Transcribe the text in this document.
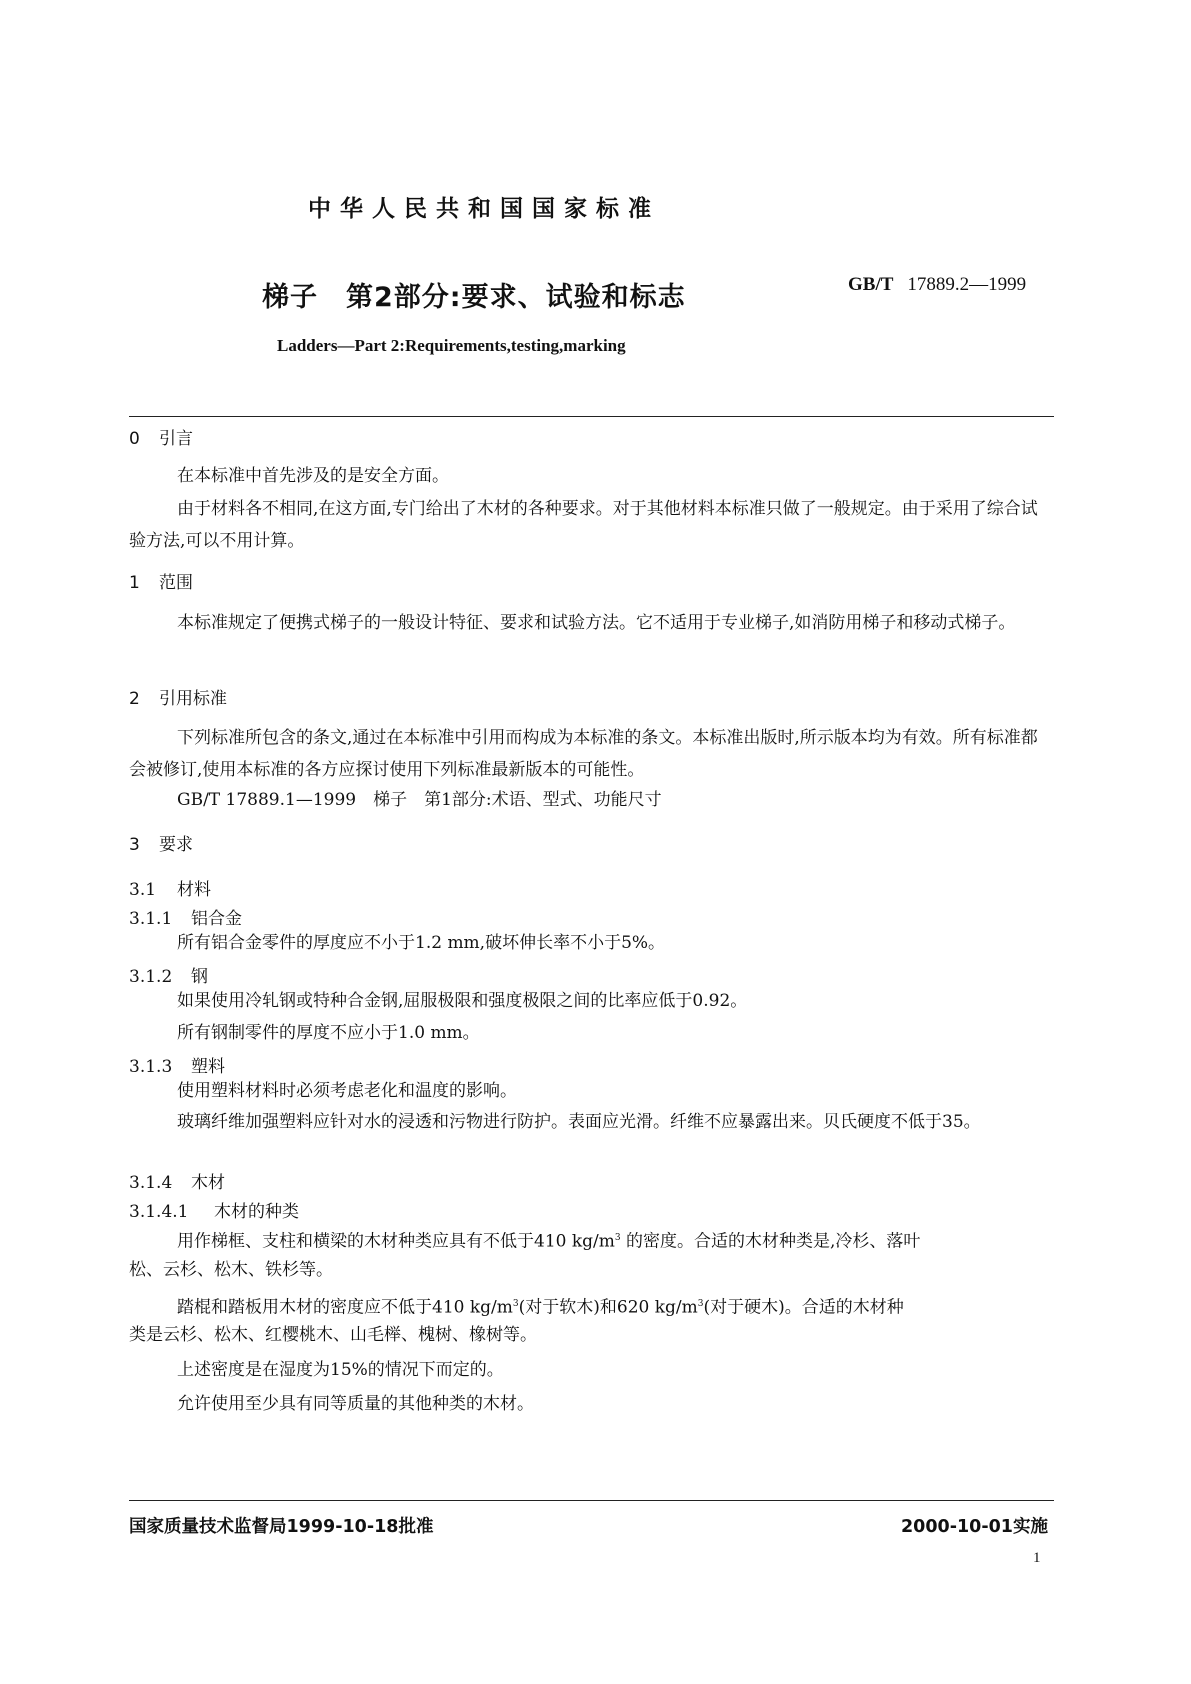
中华人民共和国国家标准
梯子　第2部分:要求、试验和标志	GB/T 17889.2—1999
Ladders—Part 2:Requirements,testing,marking
0 引言
在本标准中首先涉及的是安全方面。
由于材料各不相同,在这方面,专门给出了木材的各种要求。对于其他材料本标准只做了一般规定。由于采用了综合试验方法,可以不用计算。
1 范围
本标准规定了便携式梯子的一般设计特征、要求和试验方法。它不适用于专业梯子,如消防用梯子和移动式梯子。
2 引用标准
下列标准所包含的条文,通过在本标准中引用而构成为本标准的条文。本标准出版时,所示版本均为有效。所有标准都会被修订,使用本标准的各方应探讨使用下列标准最新版本的可能性。
GB/T 17889.1—1999　梯子　第1部分:术语、型式、功能尺寸
3 要求
3.1 材料
3.1.1 铝合金
所有铝合金零件的厚度应不小于1.2 mm,破坏伸长率不小于5%。
3.1.2 钢
如果使用冷轧钢或特种合金钢,屈服极限和强度极限之间的比率应低于0.92。
所有钢制零件的厚度不应小于1.0 mm。
3.1.3 塑料
使用塑料材料时必须考虑老化和温度的影响。
玻璃纤维加强塑料应针对水的浸透和污物进行防护。表面应光滑。纤维不应暴露出来。贝氏硬度不低于35。
3.1.4 木材
3.1.4.1 木材的种类
用作梯框、支柱和横梁的木材种类应具有不低于410 $kg/m^3$ 的密度。合适的木材种类是,冷杉、落叶
松、云杉、松木、铁杉等。
踏棍和踏板用木材的密度应不低于410 $kg/m^3$(对于软木)和620 $kg/m^3$(对于硬木)。合适的木材种
类是云杉、松木、红樱桃木、山毛榉、槐树、橡树等。
上述密度是在湿度为15%的情况下而定的。
允许使用至少具有同等质量的其他种类的木材。
国家质量技术监督局1999-10-18批准	2000-10-01实施
1
